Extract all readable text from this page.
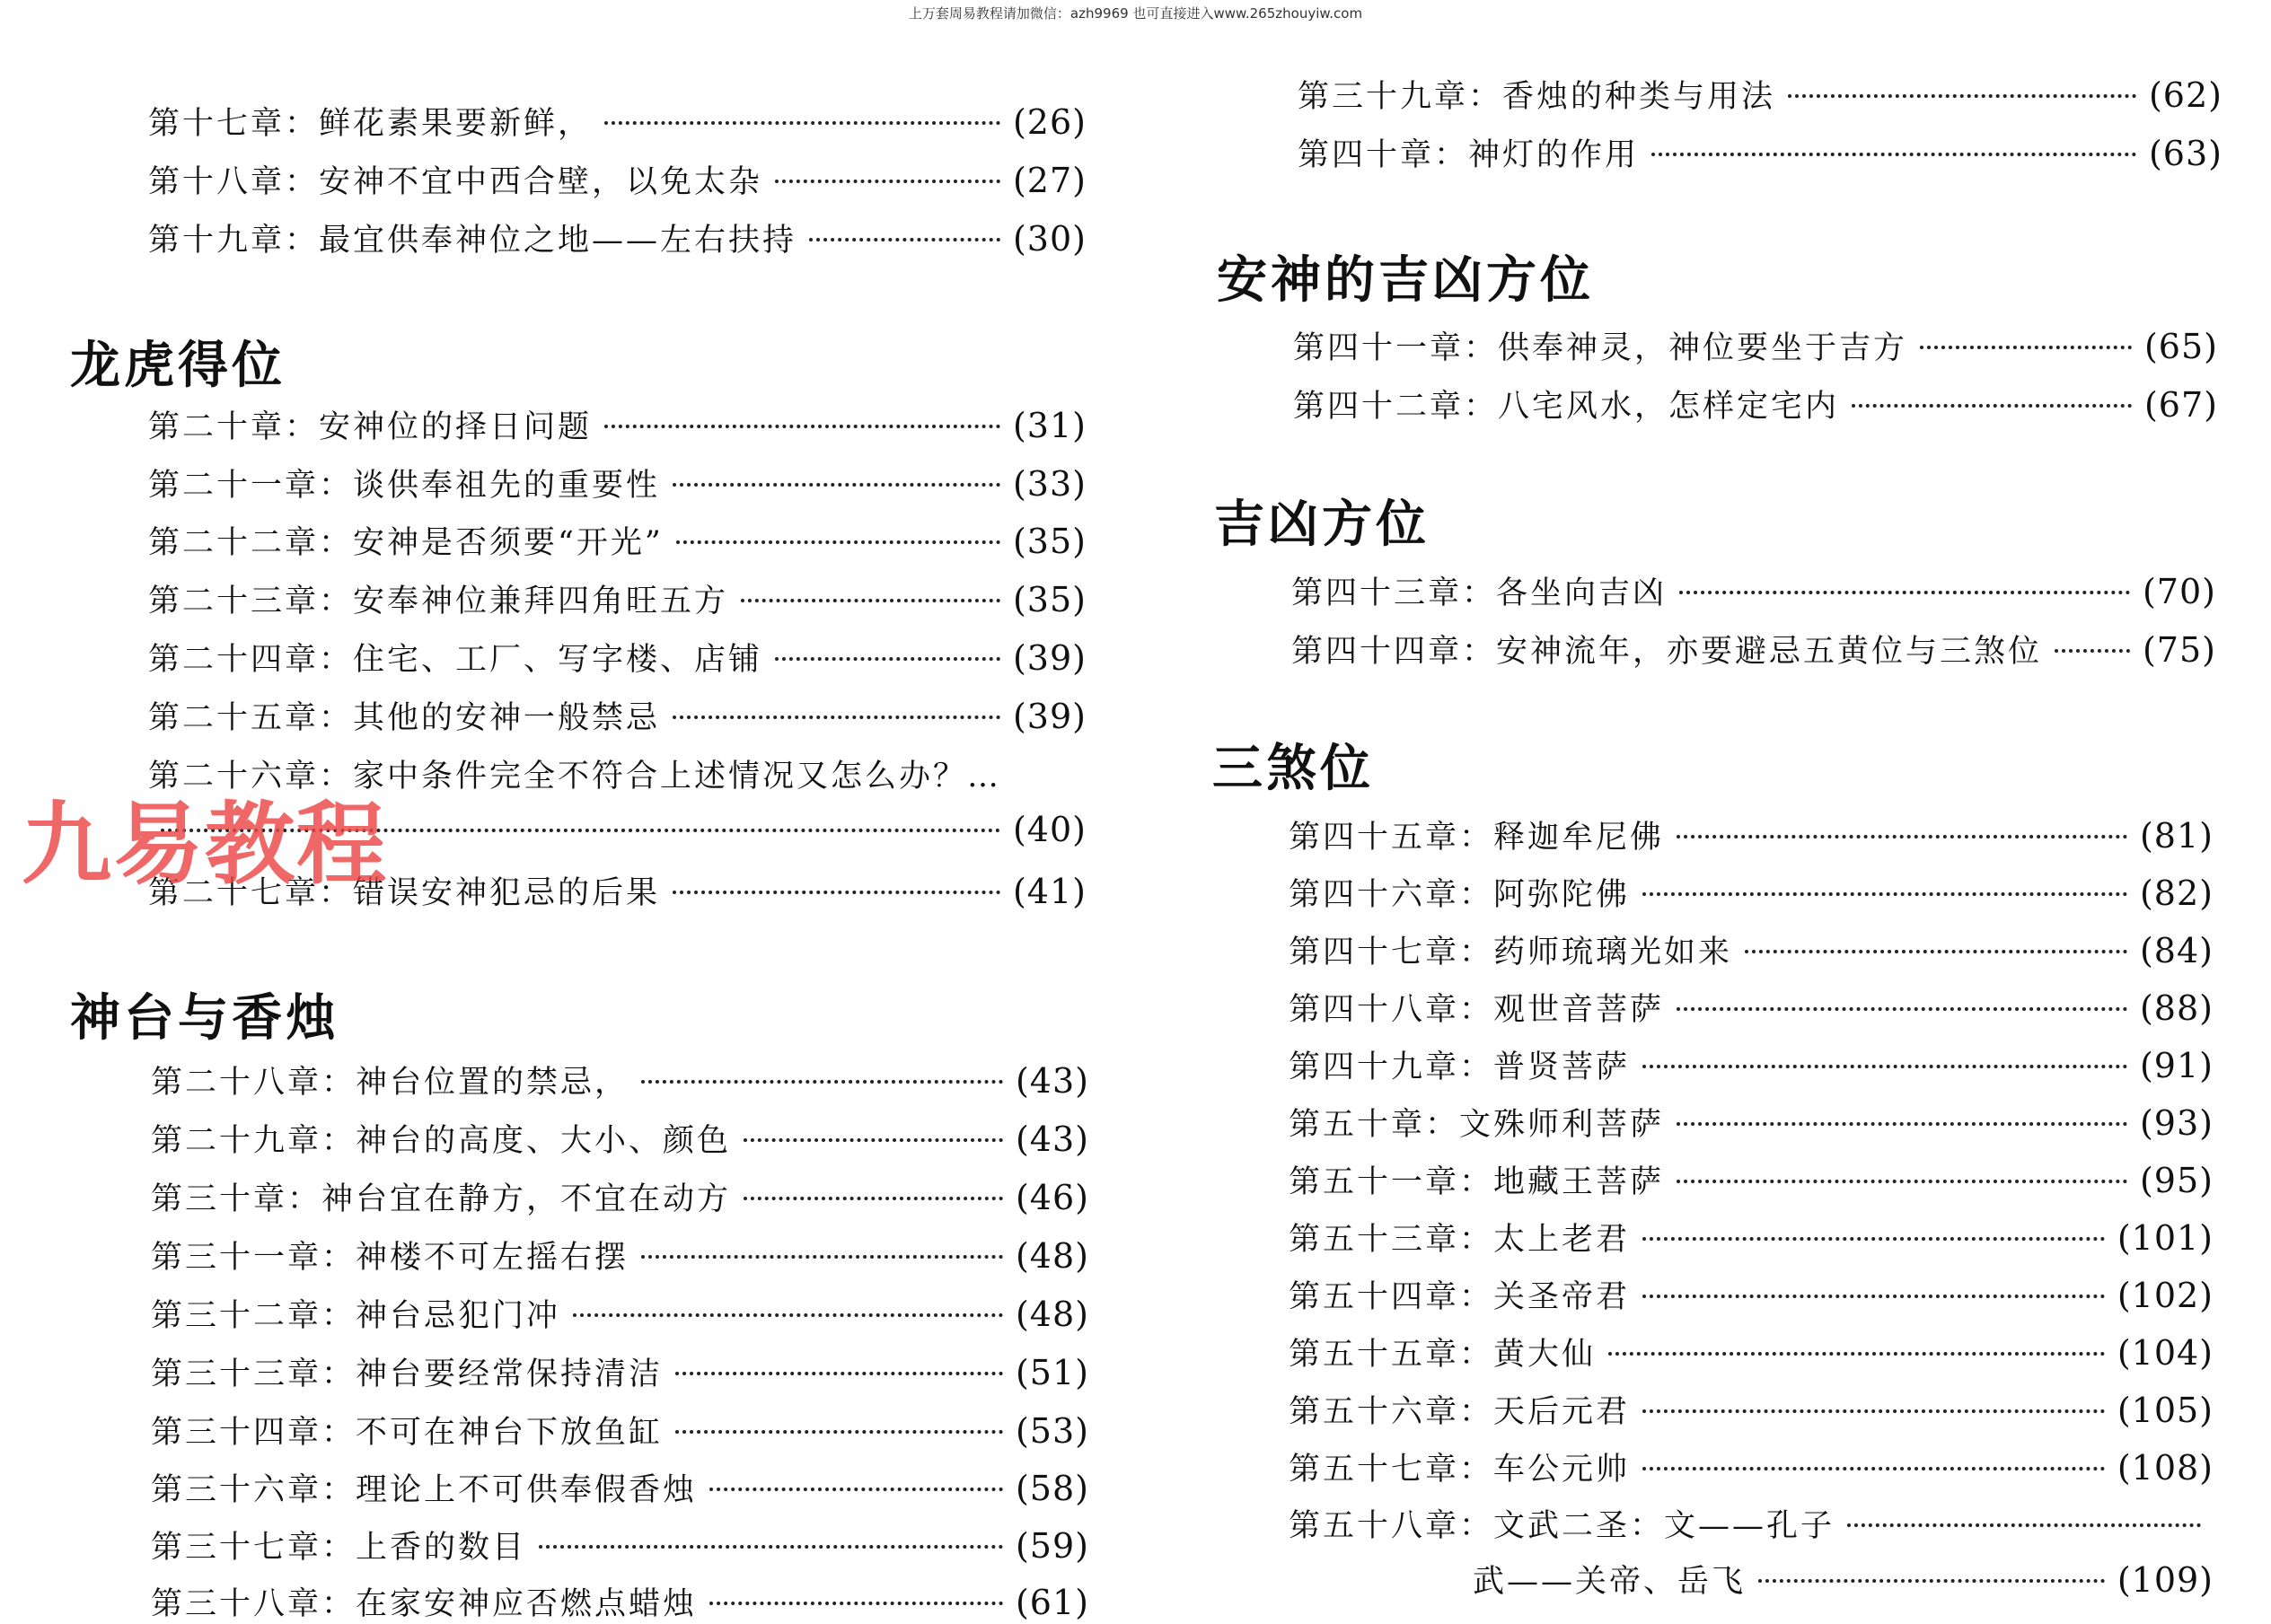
上万套周易教程请加微信：azh9969 也可直接进入www.265zhouyiw.com
第十七章：鲜花素果要新鲜，	(26)
第十八章：安神不宜中西合壁，以免太杂	(27)
第十九章：最宜供奉神位之地——左右扶持	(30)
龙虎得位
第二十章：安神位的择日问题	(31)
第二十一章：谈供奉祖先的重要性	(33)
第二十二章：安神是否须要“开光”	(35)
第二十三章：安奉神位兼拜四角旺五方	(35)
第二十四章：住宅、工厂、写字楼、店铺	(39)
第二十五章：其他的安神一般禁忌	(39)
第二十六章：家中条件完全不符合上述情况又怎么办？…
(40)
第二十七章：错误安神犯忌的后果	(41)
神台与香烛
第二十八章：神台位置的禁忌，	(43)
第二十九章：神台的高度、大小、颜色	(43)
第三十章：神台宜在静方，不宜在动方	(46)
第三十一章：神楼不可左摇右摆	(48)
第三十二章：神台忌犯门冲	(48)
第三十三章：神台要经常保持清洁	(51)
第三十四章：不可在神台下放鱼缸	(53)
第三十六章：理论上不可供奉假香烛	(58)
第三十七章：上香的数目	(59)
第三十八章：在家安神应否燃点蜡烛	(61)
九易教程
第三十九章：香烛的种类与用法	(62)
第四十章：神灯的作用	(63)
安神的吉凶方位
第四十一章：供奉神灵，神位要坐于吉方	(65)
第四十二章：八宅风水，怎样定宅内	(67)
吉凶方位
第四十三章：各坐向吉凶	(70)
第四十四章：安神流年，亦要避忌五黄位与三煞位	(75)
三煞位
第四十五章：释迦牟尼佛	(81)
第四十六章：阿弥陀佛	(82)
第四十七章：药师琉璃光如来	(84)
第四十八章：观世音菩萨	(88)
第四十九章：普贤菩萨	(91)
第五十章：文殊师利菩萨	(93)
第五十一章：地藏王菩萨	(95)
第五十三章：太上老君	(101)
第五十四章：关圣帝君	(102)
第五十五章：黄大仙	(104)
第五十六章：天后元君	(105)
第五十七章：车公元帅	(108)
第五十八章：文武二圣：文——孔子
武——关帝、岳飞	(109)
